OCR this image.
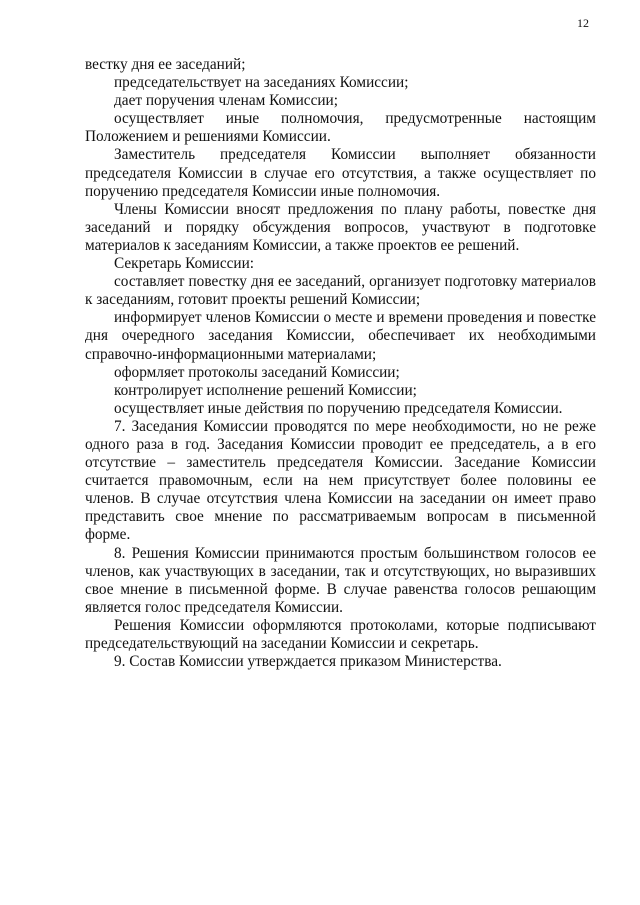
12

вестку дня ее заседаний;

председательствует на заседаниях Комиссии;

дает поручения членам Комиссии;

осуществляет иные полномочия, предусмотренные настоящим Положением и решениями Комиссии.

Заместитель председателя Комиссии выполняет обязанности председателя Комиссии в случае его отсутствия, а также осуществляет по поручению председателя Комиссии иные полномочия.

Члены Комиссии вносят предложения по плану работы, повестке дня заседаний и порядку обсуждения вопросов, участвуют в подготовке материалов к заседаниям Комиссии, а также проектов ее решений.

Секретарь Комиссии:

составляет повестку дня ее заседаний, организует подготовку материалов к заседаниям, готовит проекты решений Комиссии;

информирует членов Комиссии о месте и времени проведения и повестке дня очередного заседания Комиссии, обеспечивает их необходимыми справочно-информационными материалами;

оформляет протоколы заседаний Комиссии;

контролирует исполнение решений Комиссии;

осуществляет иные действия по поручению председателя Комиссии.

7. Заседания Комиссии проводятся по мере необходимости, но не реже одного раза в год. Заседания Комиссии проводит ее председатель, а в его отсутствие – заместитель председателя Комиссии. Заседание Комиссии считается правомочным, если на нем присутствует более половины ее членов. В случае отсутствия члена Комиссии на заседании он имеет право представить свое мнение по рассматриваемым вопросам в письменной форме.

8. Решения Комиссии принимаются простым большинством голосов ее членов, как участвующих в заседании, так и отсутствующих, но выразивших свое мнение в письменной форме. В случае равенства голосов решающим является голос председателя Комиссии.

Решения Комиссии оформляются протоколами, которые подписывают председательствующий на заседании Комиссии и секретарь.

9. Состав Комиссии утверждается приказом Министерства.
